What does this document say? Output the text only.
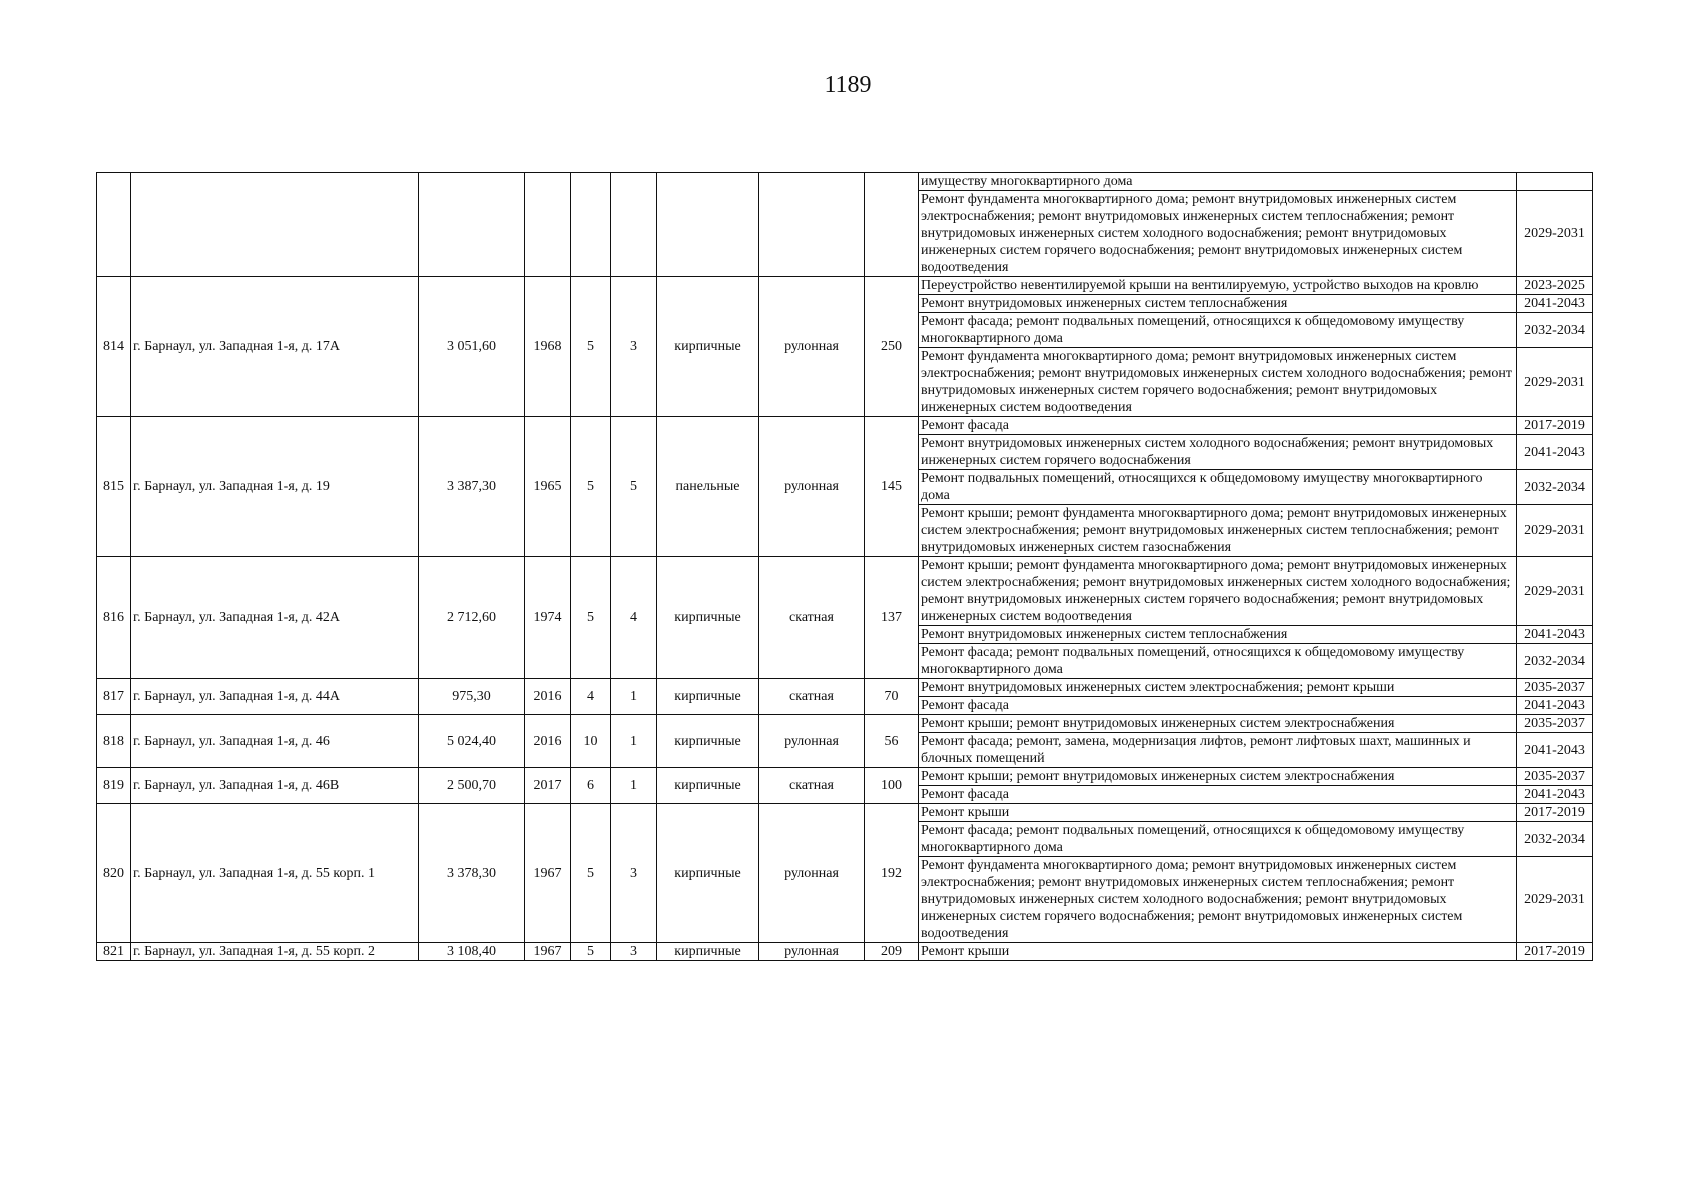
1189
									имуществу многоквартирного дома	
									Ремонт фундамента многоквартирного дома; ремонт внутридомовых инженерных систем электроснабжения; ремонт внутридомовых инженерных систем теплоснабжения; ремонт внутридомовых инженерных систем холодного водоснабжения; ремонт внутридомовых инженерных систем горячего водоснабжения; ремонт внутридомовых инженерных систем водоотведения	2029-2031
814	г. Барнаул, ул. Западная 1-я, д. 17А	3 051,60	1968	5	3	кирпичные	рулонная	250	Переустройство невентилируемой крыши на вентилируемую, устройство выходов на кровлю	2023-2025
									Ремонт внутридомовых инженерных систем теплоснабжения	2041-2043
									Ремонт фасада; ремонт подвальных помещений, относящихся к общедомовому имуществу многоквартирного дома	2032-2034
									Ремонт фундамента многоквартирного дома; ремонт внутридомовых инженерных систем электроснабжения; ремонт внутридомовых инженерных систем холодного водоснабжения; ремонт внутридомовых инженерных систем горячего водоснабжения; ремонт внутридомовых инженерных систем водоотведения	2029-2031
815	г. Барнаул, ул. Западная 1-я, д. 19	3 387,30	1965	5	5	панельные	рулонная	145	Ремонт фасада	2017-2019
									Ремонт внутридомовых инженерных систем холодного водоснабжения; ремонт внутридомовых инженерных систем горячего водоснабжения	2041-2043
									Ремонт подвальных помещений, относящихся к общедомовому имуществу многоквартирного дома	2032-2034
									Ремонт крыши; ремонт фундамента многоквартирного дома; ремонт внутридомовых инженерных систем электроснабжения; ремонт внутридомовых инженерных систем теплоснабжения; ремонт внутридомовых инженерных систем газоснабжения	2029-2031
816	г. Барнаул, ул. Западная 1-я, д. 42А	2 712,60	1974	5	4	кирпичные	скатная	137	Ремонт крыши; ремонт фундамента многоквартирного дома; ремонт внутридомовых инженерных систем электроснабжения; ремонт внутридомовых инженерных систем холодного водоснабжения; ремонт внутридомовых инженерных систем горячего водоснабжения; ремонт внутридомовых инженерных систем водоотведения	2029-2031
									Ремонт внутридомовых инженерных систем теплоснабжения	2041-2043
									Ремонт фасада; ремонт подвальных помещений, относящихся к общедомовому имуществу многоквартирного дома	2032-2034
817	г. Барнаул, ул. Западная 1-я, д. 44А	975,30	2016	4	1	кирпичные	скатная	70	Ремонт внутридомовых инженерных систем электроснабжения; ремонт крыши	2035-2037
									Ремонт фасада	2041-2043
818	г. Барнаул, ул. Западная 1-я, д. 46	5 024,40	2016	10	1	кирпичные	рулонная	56	Ремонт крыши; ремонт внутридомовых инженерных систем электроснабжения	2035-2037
									Ремонт фасада; ремонт, замена, модернизация лифтов, ремонт лифтовых шахт, машинных и блочных помещений	2041-2043
819	г. Барнаул, ул. Западная 1-я, д. 46В	2 500,70	2017	6	1	кирпичные	скатная	100	Ремонт крыши; ремонт внутридомовых инженерных систем электроснабжения	2035-2037
									Ремонт фасада	2041-2043
820	г. Барнаул, ул. Западная 1-я, д. 55 корп. 1	3 378,30	1967	5	3	кирпичные	рулонная	192	Ремонт крыши	2017-2019
									Ремонт фасада; ремонт подвальных помещений, относящихся к общедомовому имуществу многоквартирного дома	2032-2034
									Ремонт фундамента многоквартирного дома; ремонт внутридомовых инженерных систем электроснабжения; ремонт внутридомовых инженерных систем теплоснабжения; ремонт внутридомовых инженерных систем холодного водоснабжения; ремонт внутридомовых инженерных систем горячего водоснабжения; ремонт внутридомовых инженерных систем водоотведения	2029-2031
821	г. Барнаул, ул. Западная 1-я, д. 55 корп. 2	3 108,40	1967	5	3	кирпичные	рулонная	209	Ремонт крыши	2017-2019
